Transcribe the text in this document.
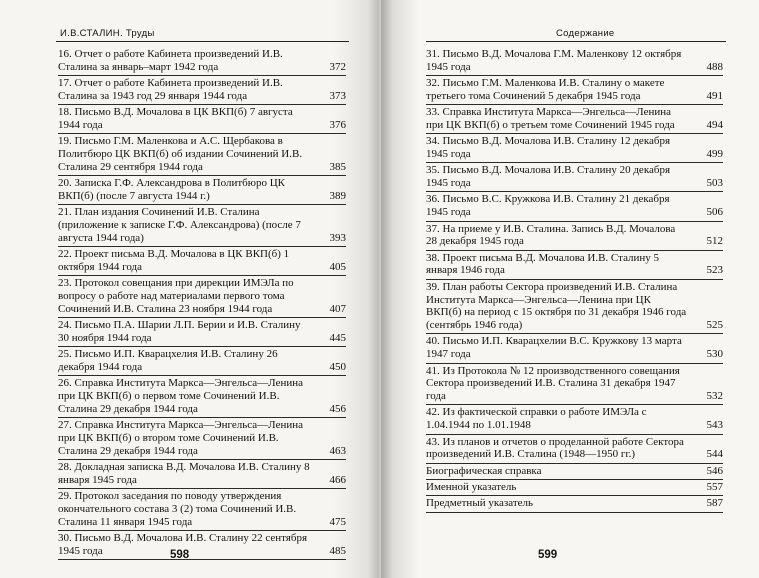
И.В.СТАЛИН. Труды
16. Отчет о работе Кабинета произведений И.В. Сталина за январь–март 1942 года	372
17. Отчет о работе Кабинета произведений И.В. Сталина за 1943 год 29 января 1944 года	373
18. Письмо В.Д. Мочалова в ЦК ВКП(б) 7 августа 1944 года	376
19. Письмо Г.М. Маленкова и А.С. Щербакова в Политбюро ЦК ВКП(б) об издании Сочинений И.В. Сталина 29 сентября 1944 года	385
20. Записка Г.Ф. Александрова в Политбюро ЦК ВКП(б) (после 7 августа 1944 г.)	389
21. План издания Сочинений И.В. Сталина (приложение к записке Г.Ф. Александрова) (после 7 августа 1944 года)	393
22. Проект письма В.Д. Мочалова в ЦК ВКП(б) 1 октября 1944 года	405
23. Протокол совещания при дирекции ИМЭЛа по вопросу о работе над материалами первого тома Сочинений И.В. Сталина 23 ноября 1944 года	407
24. Письмо П.А. Шарии Л.П. Берии и И.В. Сталину 30 ноября 1944 года	445
25. Письмо И.П. Кварацхелия И.В. Сталину 26 декабря 1944 года	450
26. Справка Института Маркса—Энгельса—Ленина при ЦК ВКП(б) о первом томе Сочинений И.В. Сталина 29 декабря 1944 года	456
27. Справка Института Маркса—Энгельса—Ленина при ЦК ВКП(б) о втором томе Сочинений И.В. Сталина 29 декабря 1944 года	463
28. Докладная записка В.Д. Мочалова И.В. Сталину 8 января 1945 года	466
29. Протокол заседания по поводу утверждения окончательного состава 3 (2) тома Сочинений И.В. Сталина 11 января 1945 года	475
30. Письмо В.Д. Мочалова И.В. Сталину 22 сентября 1945 года	485
598
Содержание
31. Письмо В.Д. Мочалова Г.М. Маленкову 12 октября 1945 года	488
32. Письмо Г.М. Маленкова И.В. Сталину о макете третьего тома Сочинений 5 декабря 1945 года	491
33. Справка Института Маркса—Энгельса—Ленина при ЦК ВКП(б) о третьем томе Сочинений 1945 года	494
34. Письмо В.Д. Мочалова И.В. Сталину 12 декабря 1945 года	499
35. Письмо В.Д. Мочалова И.В. Сталину 20 декабря 1945 года	503
36. Письмо В.С. Кружкова И.В. Сталину 21 декабря 1945 года	506
37. На приеме у И.В. Сталина. Запись В.Д. Мочалова 28 декабря 1945 года	512
38. Проект письма В.Д. Мочалова И.В. Сталину 5 января 1946 года	523
39. План работы Сектора произведений И.В. Сталина Института Маркса—Энгельса—Ленина при ЦК ВКП(б) на период с 15 октября по 31 декабря 1946 года (сентябрь 1946 года)	525
40. Письмо И.П. Кварацхелии В.С. Кружкову 13 марта 1947 года	530
41. Из Протокола № 12 производственного совещания Сектора произведений И.В. Сталина 31 декабря 1947 года	532
42. Из фактической справки о работе ИМЭЛа с 1.04.1944 по 1.01.1948	543
43. Из планов и отчетов о проделанной работе Сектора произведений И.В. Сталина (1948—1950 гг.)	544
Биографическая справка	546
Именной указатель	557
Предметный указатель	587
599
